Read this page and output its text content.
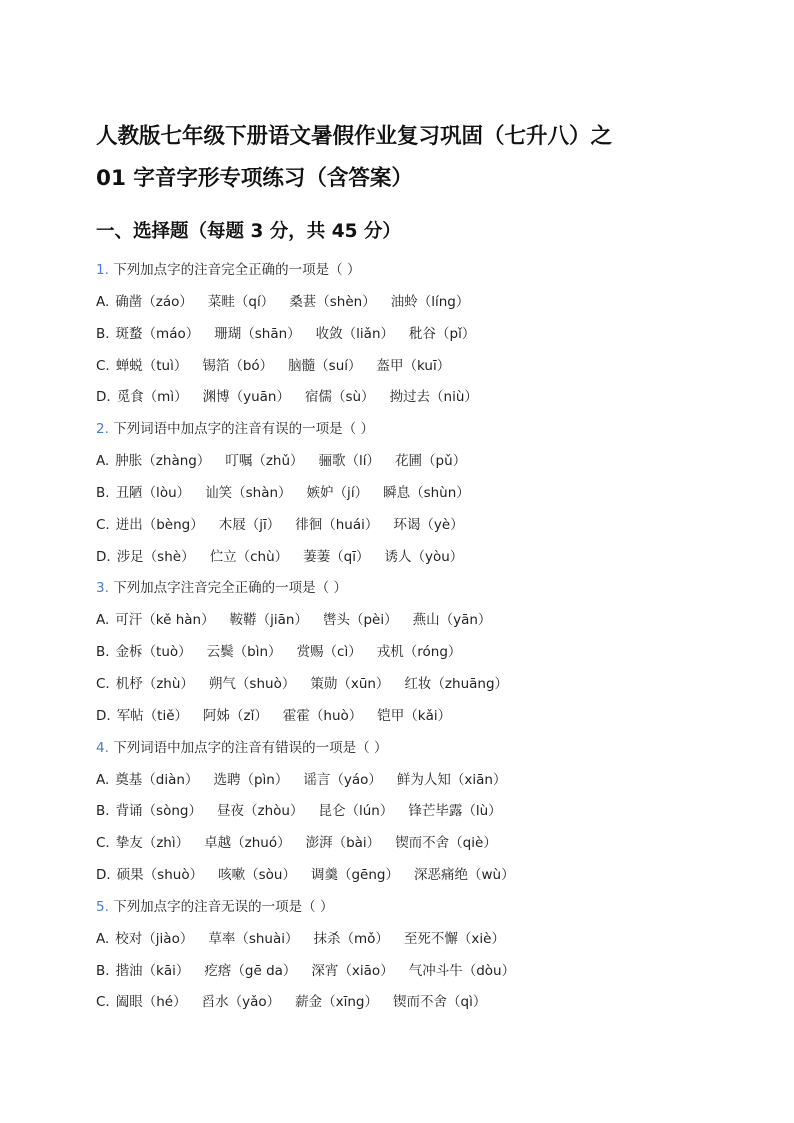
人教版七年级下册语文暑假作业复习巩固（七升八）之
01 字音字形专项练习（含答案）
一、选择题（每题 3 分，共 45 分）
1. 下列加点字的注音完全正确的一项是（ ）
A. 确凿（záo） 菜畦（qí） 桑葚（shèn） 油蛉（líng）
B. 斑蝥（máo） 珊瑚（shān） 收敛（liǎn） 秕谷（pǐ）
C. 蝉蜕（tuì） 锡箔（bó） 脑髓（suí） 盔甲（kuī）
D. 觅食（mì） 渊博（yuān） 宿儒（sù） 拗过去（niù）
2. 下列词语中加点字的注音有误的一项是（ ）
A. 肿胀（zhàng） 叮嘱（zhǔ） 骊歌（lí） 花圃（pǔ）
B. 丑陋（lòu） 讪笑（shàn） 嫉妒（jí） 瞬息（shùn）
C. 迸出（bèng） 木屐（jī） 徘徊（huái） 环谒（yè）
D. 涉足（shè） 伫立（chù） 萋萋（qī） 诱人（yòu）
3. 下列加点字注音完全正确的一项是（ ）
A. 可汗（kě hàn） 鞍鞯（jiān） 辔头（pèi） 燕山（yān）
B. 金柝（tuò） 云鬓（bìn） 赏赐（cì） 戎机（róng）
C. 机杼（zhù） 朔气（shuò） 策勋（xūn） 红妆（zhuāng）
D. 军帖（tiě） 阿姊（zǐ） 霍霍（huò） 铠甲（kǎi）
4. 下列词语中加点字的注音有错误的一项是（ ）
A. 奠基（diàn） 选聘（pìn） 谣言（yáo） 鲜为人知（xiān）
B. 背诵（sòng） 昼夜（zhòu） 昆仑（lún） 锋芒毕露（lù）
C. 挚友（zhì） 卓越（zhuó） 澎湃（bài） 锲而不舍（qiè）
D. 硕果（shuò） 咳嗽（sòu） 调羹（gēng） 深恶痛绝（wù）
5. 下列加点字的注音无误的一项是（ ）
A. 校对（jiào） 草率（shuài） 抹杀（mǒ） 至死不懈（xiè）
B. 揩油（kāi） 疙瘩（gē da） 深宵（xiāo） 气冲斗牛（dòu）
C. 阖眼（hé） 舀水（yǎo） 薪金（xīng） 锲而不舍（qì）
